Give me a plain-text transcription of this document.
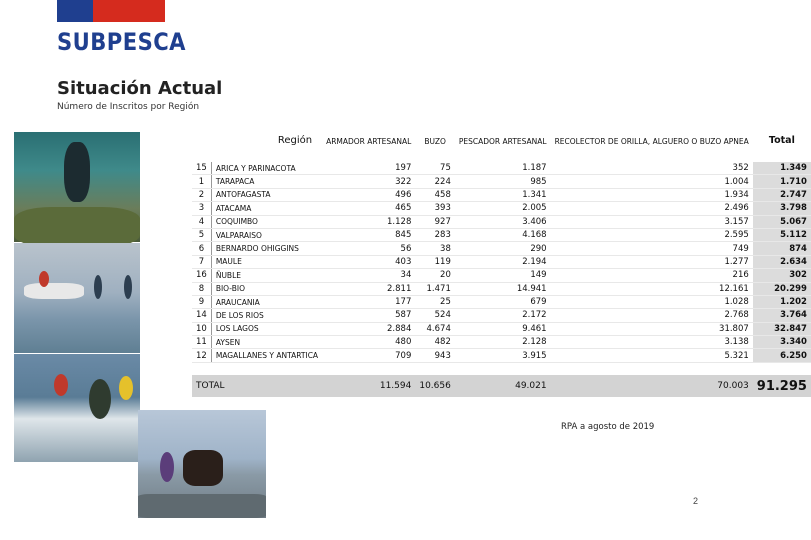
SUBPESCA
Situación Actual
Número de Inscritos por Región
Región		ARMADOR ARTESANAL	BUZO	PESCADOR ARTESANAL	RECOLECTOR DE ORILLA, ALGUERO O BUZO APNEA	Total
15	ARICA Y PARINACOTA	197	75	1.187	352	1.349
1	TARAPACA	322	224	985	1.004	1.710
2	ANTOFAGASTA	496	458	1.341	1.934	2.747
3	ATACAMA	465	393	2.005	2.496	3.798
4	COQUIMBO	1.128	927	3.406	3.157	5.067
5	VALPARAISO	845	283	4.168	2.595	5.112
6	BERNARDO OHIGGINS	56	38	290	749	874
7	MAULE	403	119	2.194	1.277	2.634
16	ÑUBLE	34	20	149	216	302
8	BIO-BIO	2.811	1.471	14.941	12.161	20.299
9	ARAUCANIA	177	25	679	1.028	1.202
14	DE LOS RIOS	587	524	2.172	2.768	3.764
10	LOS LAGOS	2.884	4.674	9.461	31.807	32.847
11	AYSEN	480	482	2.128	3.138	3.340
12	MAGALLANES Y ANTARTICA	709	943	3.915	5.321	6.250

TOTAL		11.594	10.656	49.021	70.003	91.295
RPA a agosto de 2019
2
